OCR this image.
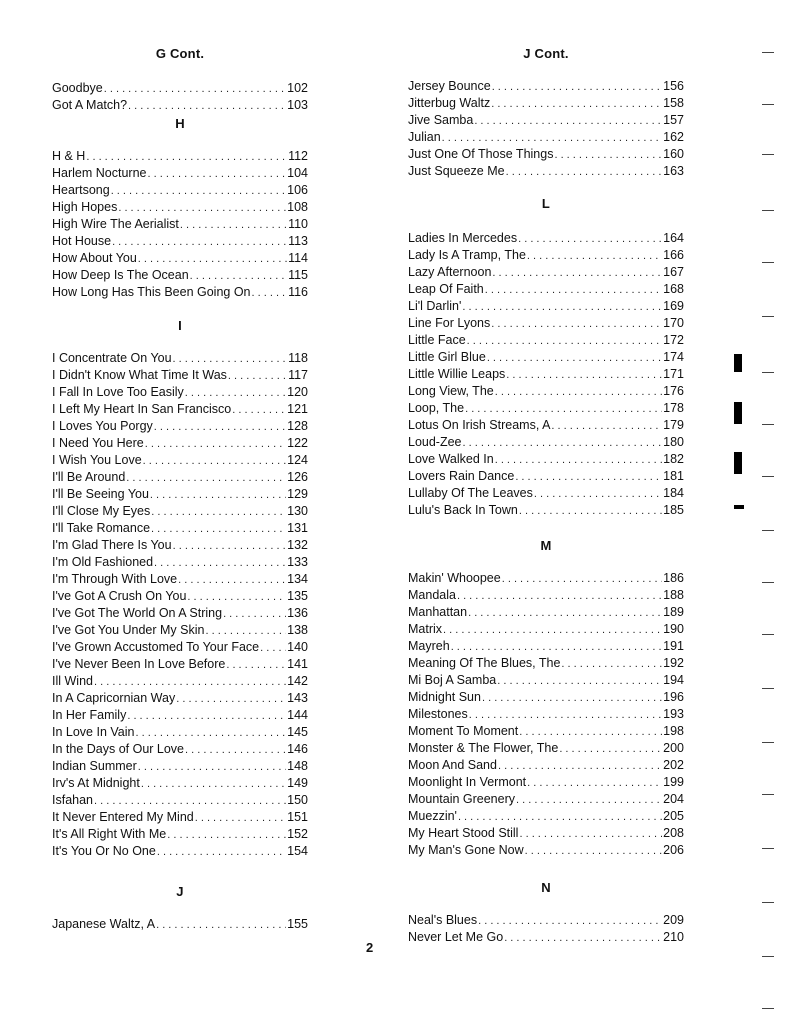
G Cont.
Goodbye . . .	102
Got A Match? . . .	103
H
H & H . . .	112
Harlem Nocturne . . .	104
Heartsong . . .	106
High Hopes . . .	108
High Wire The Aerialist . . .	110
Hot House . . .	113
How About You . . .	114
How Deep Is The Ocean . . .	115
How Long Has This Been Going On . . .	116
I
I Concentrate On You . . .	118
I Didn't Know What Time It Was . . .	117
I Fall In Love Too Easily . . .	120
I Left My Heart In San Francisco . . .	121
I Loves You Porgy . . .	128
I Need You Here . . .	122
I Wish You Love . . .	124
I'll Be Around . . .	126
I'll Be Seeing You . . .	129
I'll Close My Eyes . . .	130
I'll Take Romance . . .	131
I'm Glad There Is You . . .	132
I'm Old Fashioned . . .	133
I'm Through With Love . . .	134
I've Got A Crush On You . . .	135
I've Got The World On A String . . .	136
I've Got You Under My Skin . . .	138
I've Grown Accustomed To Your Face . . . 140
I've Never Been In Love Before . . .	141
Ill Wind . . .	142
In A Capricornian Way . . .	143
In Her Family . . .	144
In Love In Vain . . .	145
In the Days of Our Love . . .	146
Indian Summer . . .	148
Irv's At Midnight . . .	149
Isfahan . . .	150
It Never Entered My Mind . . .	151
It's All Right With Me . . .	152
It's You Or No One . . .	154
J
Japanese Waltz, A . . .	155
J Cont.
Jersey Bounce . . .	156
Jitterbug Waltz . . .	158
Jive Samba . . .	157
Julian . . .	162
Just One Of Those Things . . .	160
Just Squeeze Me . . .	163
L
Ladies In Mercedes . . .	164
Lady Is A Tramp, The . . .	166
Lazy Afternoon . . .	167
Leap Of Faith . . .	168
Li'l Darlin' . . .	169
Line For Lyons . . .	170
Little Face . . .	172
Little Girl Blue . . .	174
Little Willie Leaps . . .	171
Long View, The . . .	176
Loop, The . . .	178
Lotus On Irish Streams, A . . .	179
Loud-Zee . . .	180
Love Walked In . . .	182
Lovers Rain Dance . . .	181
Lullaby Of The Leaves . . .	184
Lulu's Back In Town . . .	185
M
Makin' Whoopee . . .	186
Mandala . . .	188
Manhattan . . .	189
Matrix . . .	190
Mayreh . . .	191
Meaning Of The Blues, The . . .	192
Mi Boj A Samba . . .	194
Midnight Sun . . .	196
Milestones . . .	193
Moment To Moment . . .	198
Monster & The Flower, The . . .	200
Moon And Sand . . .	202
Moonlight In Vermont . . .	199
Mountain Greenery . . .	204
Muezzin' . . .	205
My Heart Stood Still . . .	208
My Man's Gone Now . . .	206
N
Neal's Blues . . .	209
Never Let Me Go . . .	210
2
